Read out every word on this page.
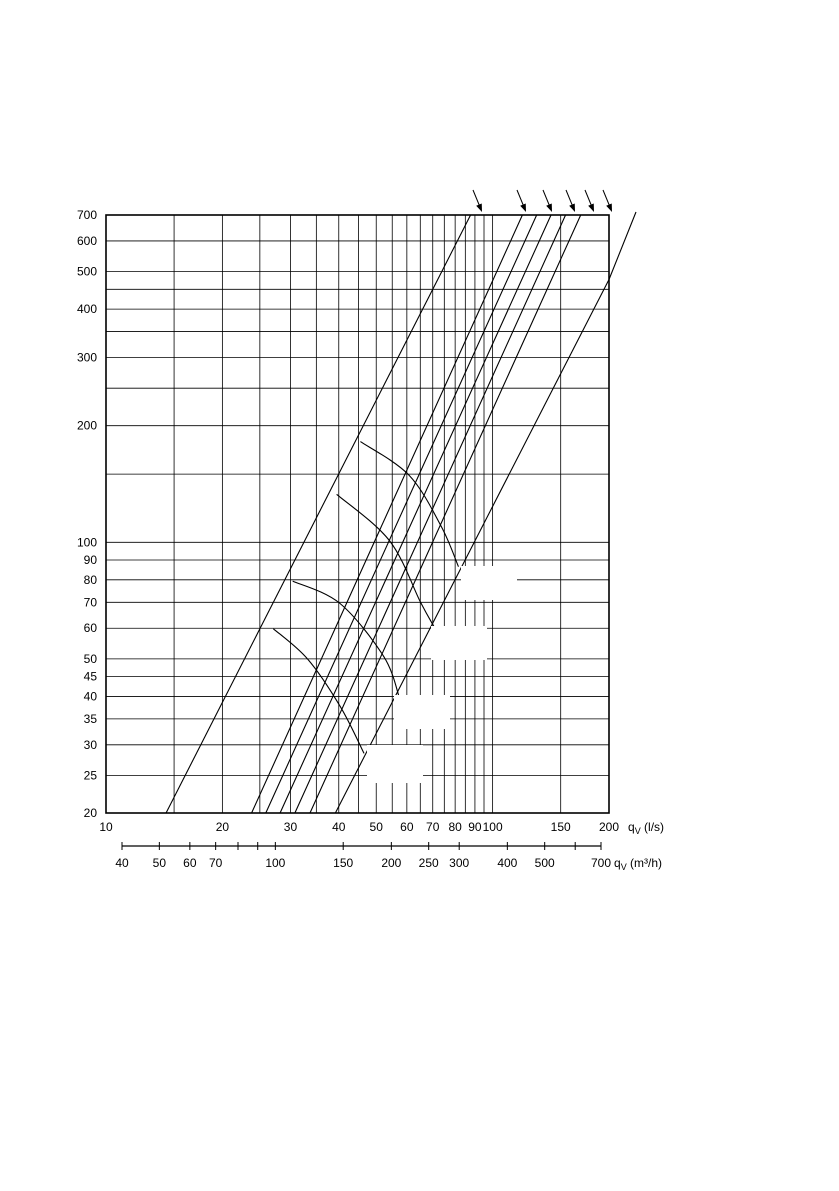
20
25
30
35
40
45
50
60
70
80
90
100
200
300
400
500
600
700
10	20	30	40 50 60 70 80 90 100	150 200
40 50 60 70	100	150 200 250 300 400 500	700
$q_V$ (l/s)
$q_V$ (m³/h)
